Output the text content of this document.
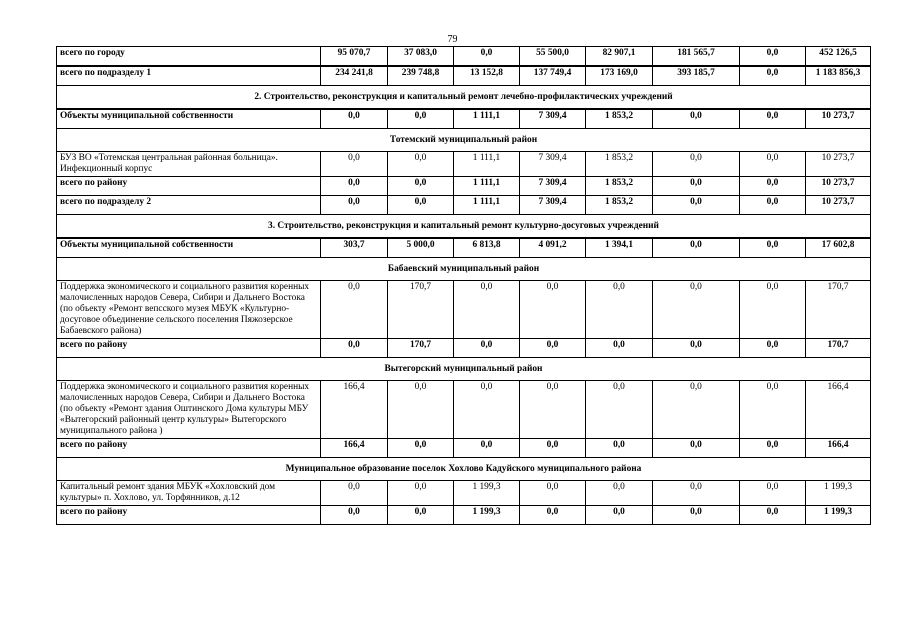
79
всего по городу	95 070,7	37 083,0	0,0	55 500,0	82 907,1	181 565,7	0,0	452 126,5
всего по подразделу 1	234 241,8	239 748,8	13 152,8	137 749,4	173 169,0	393 185,7	0,0	1 183 856,3
2. Строительство, реконструкция и капитальный ремонт лечебно-профилактических учреждений								
Объекты муниципальной собственности	0,0	0,0	1 111,1	7 309,4	1 853,2	0,0	0,0	10 273,7
Тотемский муниципальный район								
БУЗ ВО «Тотемская центральная районная больница». Инфекционный корпус	0,0	0,0	1 111,1	7 309,4	1 853,2	0,0	0,0	10 273,7
всего по району	0,0	0,0	1 111,1	7 309,4	1 853,2	0,0	0,0	10 273,7
всего по подразделу 2	0,0	0,0	1 111,1	7 309,4	1 853,2	0,0	0,0	10 273,7
3. Строительство, реконструкция и капитальный ремонт культурно-досуговых учреждений								
Объекты муниципальной собственности	303,7	5 000,0	6 813,8	4 091,2	1 394,1	0,0	0,0	17 602,8
Бабаевский муниципальный район								
Поддержка экономического и социального развития коренных малочисленных народов Севера, Сибири и Дальнего Востока (по объекту «Ремонт вепсского музея МБУК «Культурно-досуговое объединение сельского поселения Пяжозерское Бабаевского района)	0,0	170,7	0,0	0,0	0,0	0,0	0,0	170,7
всего по району	0,0	170,7	0,0	0,0	0,0	0,0	0,0	170,7
Вытегорский муниципальный район								
Поддержка экономического и социального развития коренных малочисленных народов Севера, Сибири и Дальнего Востока (по объекту «Ремонт здания Оштинского Дома культуры МБУ «Вытегорский районный центр культуры» Вытегорского муниципального района )	166,4	0,0	0,0	0,0	0,0	0,0	0,0	166,4
всего по району	166,4	0,0	0,0	0,0	0,0	0,0	0,0	166,4
Муниципальное образование поселок Хохлово Кадуйского муниципального района								
Капитальный ремонт здания МБУК «Хохловский дом культуры» п. Хохлово, ул. Торфянников, д.12	0,0	0,0	1 199,3	0,0	0,0	0,0	0,0	1 199,3
всего по району	0,0	0,0	1 199,3	0,0	0,0	0,0	0,0	1 199,3
